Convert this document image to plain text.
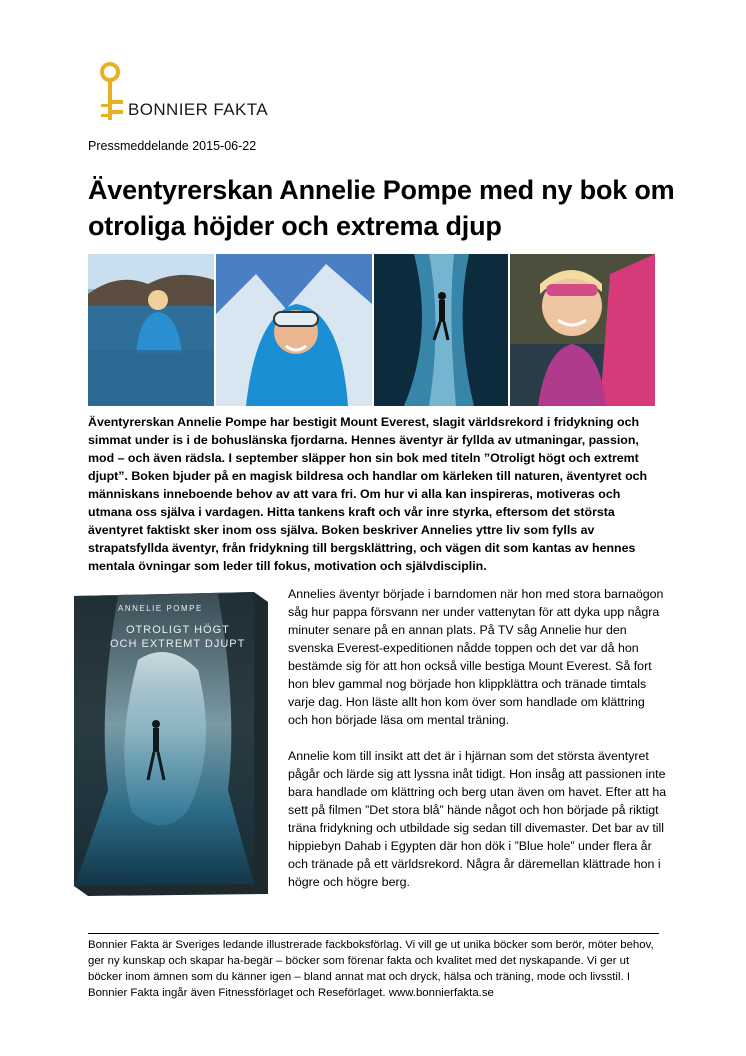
BONNIER FAKTA
Pressmeddelande 2015-06-22
Äventyrerskan Annelie Pompe med ny bok om otroliga höjder och extrema djup

Äventyrerskan Annelie Pompe har bestigit Mount Everest, slagit världsrekord i fridykning och simmat under is i de bohuslänska fjordarna. Hennes äventyr är fyllda av utmaningar, passion, mod – och även rädsla. I september släpper hon sin bok med titeln ”Otroligt högt och extremt djupt”. Boken bjuder på en magisk bildresa och handlar om kärleken till naturen, äventyret och människans inneboende behov av att vara fri. Om hur vi alla kan inspireras, motiveras och utmana oss själva i vardagen. Hitta tankens kraft och vår inre styrka, eftersom det största äventyret faktiskt sker inom oss själva. Boken beskriver Annelies yttre liv som fylls av strapatsfyllda äventyr, från fridykning till bergsklättring, och vägen dit som kantas av hennes mentala övningar som leder till fokus, motivation och självdisciplin.

ANNELIE POMPE
OTROLIGT HÖGT
OCH EXTREMT DJUPT

Annelies äventyr började i barndomen när hon med stora barnaögon såg hur pappa försvann ner under vattenytan för att dyka upp några minuter senare på en annan plats. På TV såg Annelie hur den svenska Everest-expeditionen nådde toppen och det var då hon bestämde sig för att hon också ville bestiga Mount Everest. Så fort hon blev gammal nog började hon klippklättra och tränade timtals varje dag. Hon läste allt hon kom över som handlade om klättring och hon började läsa om mental träning.

Annelie kom till insikt att det är i hjärnan som det största äventyret pågår och lärde sig att lyssna inåt tidigt. Hon insåg att passionen inte bara handlade om klättring och berg utan även om havet. Efter att ha sett på filmen ”Det stora blå” hände något och hon började på riktigt träna fridykning och utbildade sig sedan till divemaster. Det bar av till hippiebyn Dahab i Egypten där hon dök i ”Blue hole” under flera år och tränade på ett världsrekord. Några år däremellan klättrade hon i högre och högre berg.

Bonnier Fakta är Sveriges ledande illustrerade fackboksförlag. Vi vill ge ut unika böcker som berör, möter behov, ger ny kunskap och skapar ha-begär – böcker som förenar fakta och kvalitet med det nyskapande. Vi ger ut böcker inom ämnen som du känner igen – bland annat mat och dryck, hälsa och träning, mode och livsstil. I Bonnier Fakta ingår även Fitnessförlaget och Reseförlaget. www.bonnierfakta.se
